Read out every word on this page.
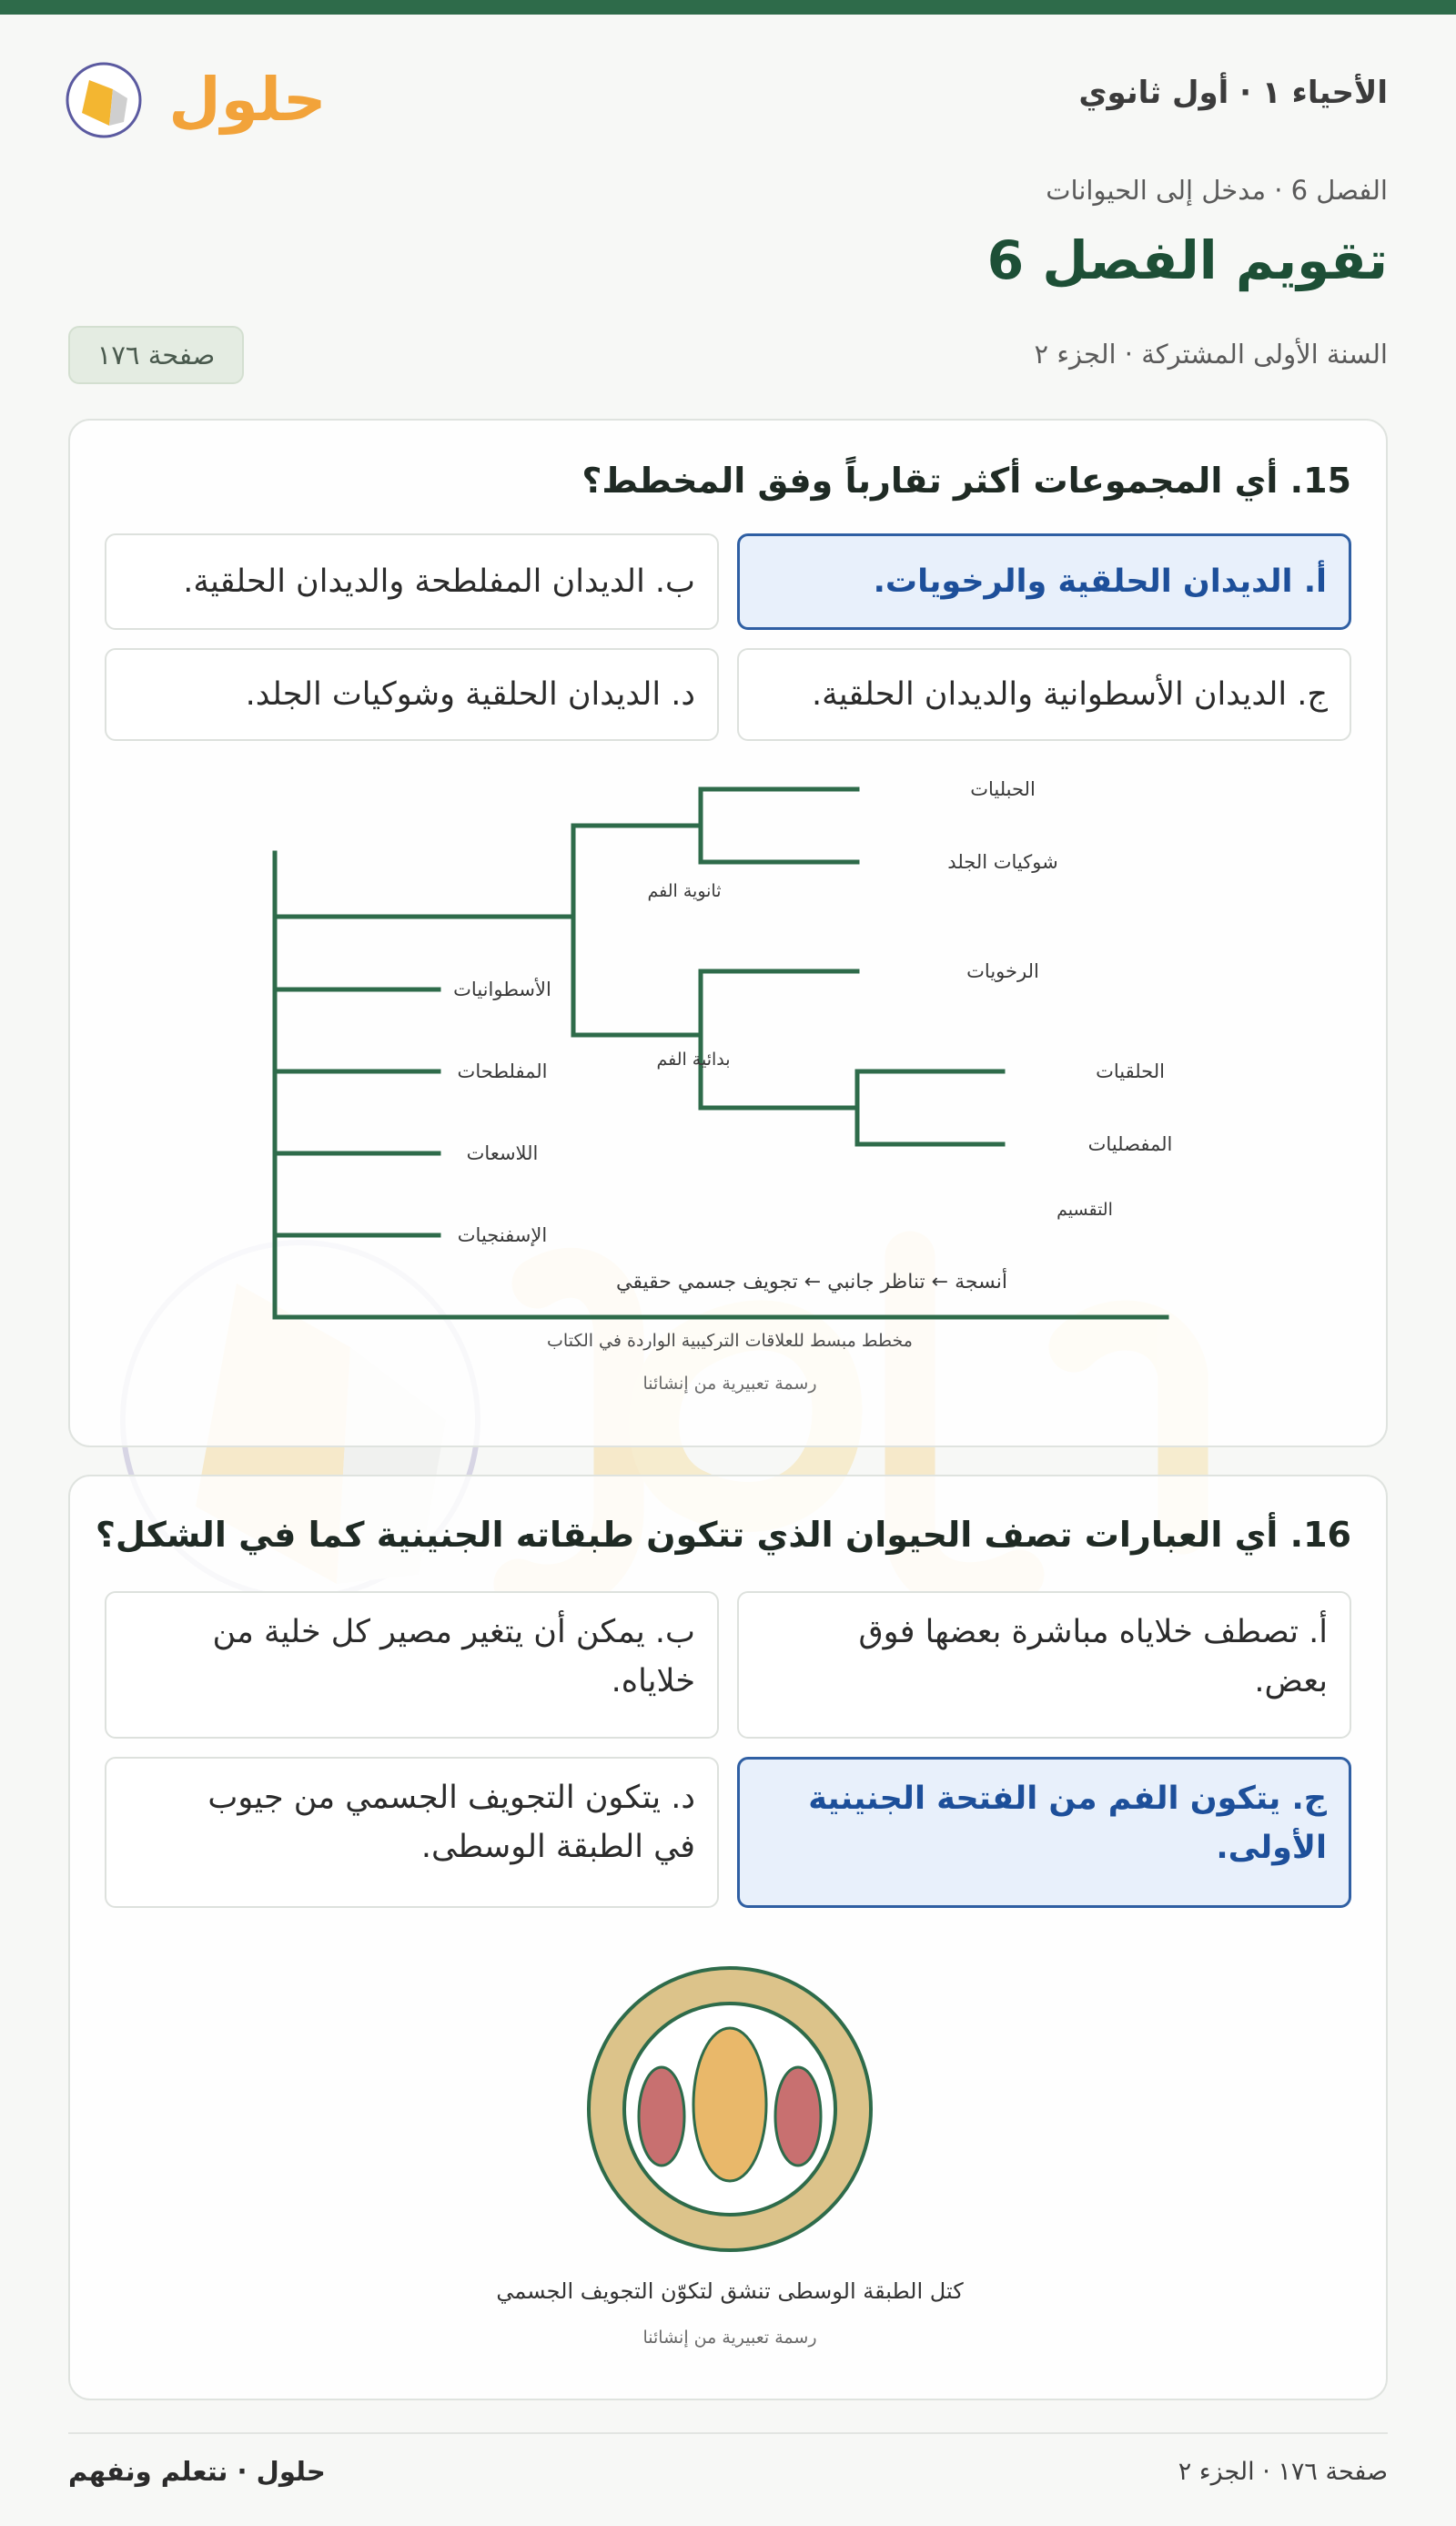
الأحياء ١ · أول ثانوي
حلول
الفصل 6 · مدخل إلى الحيوانات
تقويم الفصل 6
السنة الأولى المشتركة · الجزء ٢
صفحة ١٧٦
15. أي المجموعات أكثر تقارباً وفق المخطط؟
أ. الديدان الحلقية والرخويات.
ب. الديدان المفلطحة والديدان الحلقية.
ج. الديدان الأسطوانية والديدان الحلقية.
د. الديدان الحلقية وشوكيات الجلد.
الحبليات
شوكيات الجلد
الرخويات
الحلقيات
المفصليات
الأسطوانيات
المفلطحات
اللاسعات
الإسفنجيات
ثانوية الفم
بدائية الفم
التقسيم
أنسجة ← تناظر جانبي ← تجويف جسمي حقيقي
مخطط مبسط للعلاقات التركيبية الواردة في الكتاب
رسمة تعبيرية من إنشائنا
16. أي العبارات تصف الحيوان الذي تتكون طبقاته الجنينية كما في الشكل؟
أ. تصطف خلاياه مباشرة بعضها فوق
بعض.
ب. يمكن أن يتغير مصير كل خلية من
خلاياه.
ج. يتكون الفم من الفتحة الجنينية
الأولى.
د. يتكون التجويف الجسمي من جيوب
في الطبقة الوسطى.
كتل الطبقة الوسطى تنشق لتكوّن التجويف الجسمي
رسمة تعبيرية من إنشائنا
صفحة ١٧٦ · الجزء ٢
حلول · نتعلم ونفهم
